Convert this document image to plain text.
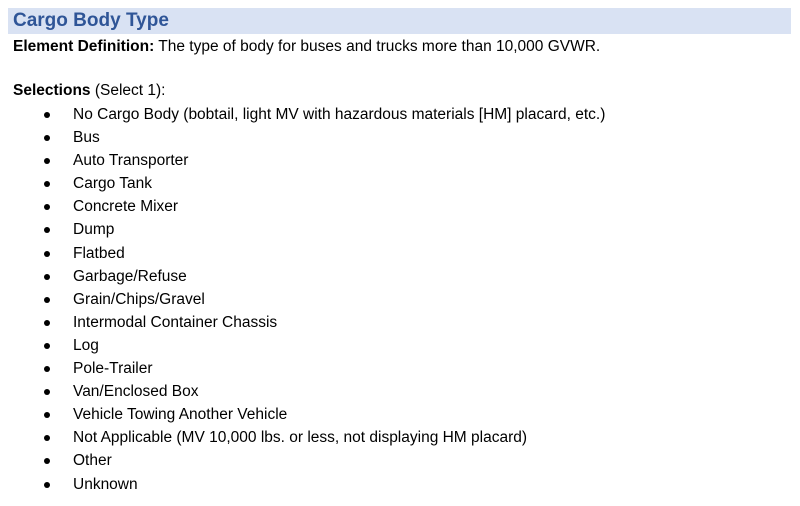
Cargo Body Type
Element Definition: The type of body for buses and trucks more than 10,000 GVWR.
Selections (Select 1):
No Cargo Body (bobtail, light MV with hazardous materials [HM] placard, etc.)
Bus
Auto Transporter
Cargo Tank
Concrete Mixer
Dump
Flatbed
Garbage/Refuse
Grain/Chips/Gravel
Intermodal Container Chassis
Log
Pole-Trailer
Van/Enclosed Box
Vehicle Towing Another Vehicle
Not Applicable (MV 10,000 lbs. or less, not displaying HM placard)
Other
Unknown
